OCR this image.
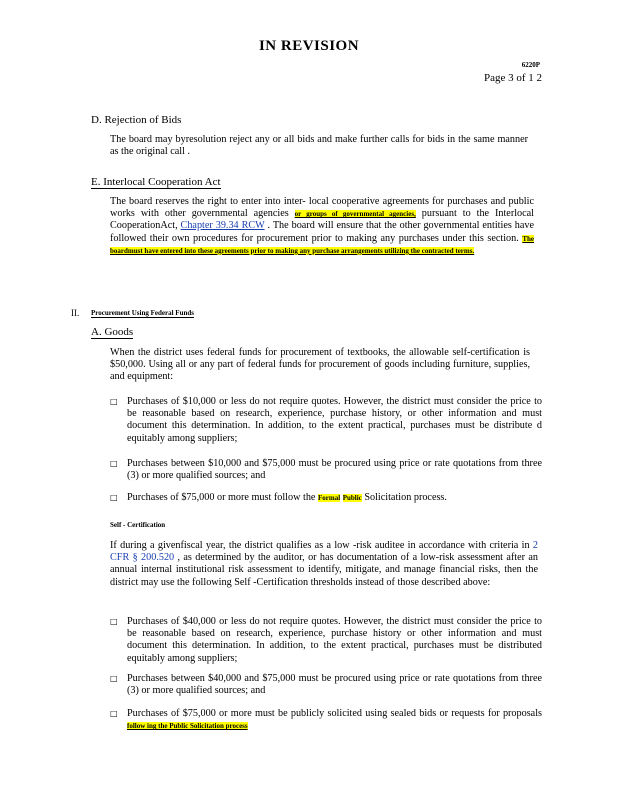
IN REVISION
6220P
Page 3 of 1 2
D. Rejection of Bids

The board may byresolution reject any or all bids and make further calls for bids in the same manner as the original call .

E. Interlocal Cooperation Act

The board reserves the right to enter into inter- local cooperative agreements for purchases and public works with other governmental agencies or groups of governmental agencies, pursuant to the Interlocal CooperationAct, Chapter 39.34 RCW . The board will ensure that the other governmental entities have followed their own procedures for procurement prior to making any purchases under this section. The boardmust have entered into these agreements prior to making any purchase arrangements utilizing the contracted terms.

II. Procurement Using Federal Funds
A. Goods

When the district uses federal funds for procurement of textbooks, the allowable self-certification is $50,000. Using all or any part of federal funds for procurement of goods including furniture, supplies, and equipment:

□ Purchases of $10,000 or less do not require quotes. However, the district must consider the price to be reasonable based on research, experience, purchase history, or other information and must document this determination. In addition, to the extent practical, purchases must be distribute d equitably among suppliers;

□ Purchases between $10,000 and $75,000 must be procured using price or rate quotations from three (3) or more qualified sources; and

□ Purchases of $75,000 or more must follow the Formal Public Solicitation process.

Self - Certification

If during a givenfiscal year, the district qualifies as a low -risk auditee in accordance with criteria in 2 CFR § 200.520 , as determined by the auditor, or has documentation of a low-risk assessment after an annual internal institutional risk assessment to identify, mitigate, and manage financial risks, then the district may use the following Self -Certification thresholds instead of those described above:

□ Purchases of $40,000 or less do not require quotes. However, the district must consider the price to be reasonable based on research, experience, purchase history or other information and must document this determination. In addition, to the extent practical, purchases must be distributed equitably among suppliers;

□ Purchases between $40,000 and $75,000 must be procured using price or rate quotations from three (3) or more qualified sources; and

□ Purchases of $75,000 or more must be publicly solicited using sealed bids or requests for proposals follow ing the Public Solicitation process
